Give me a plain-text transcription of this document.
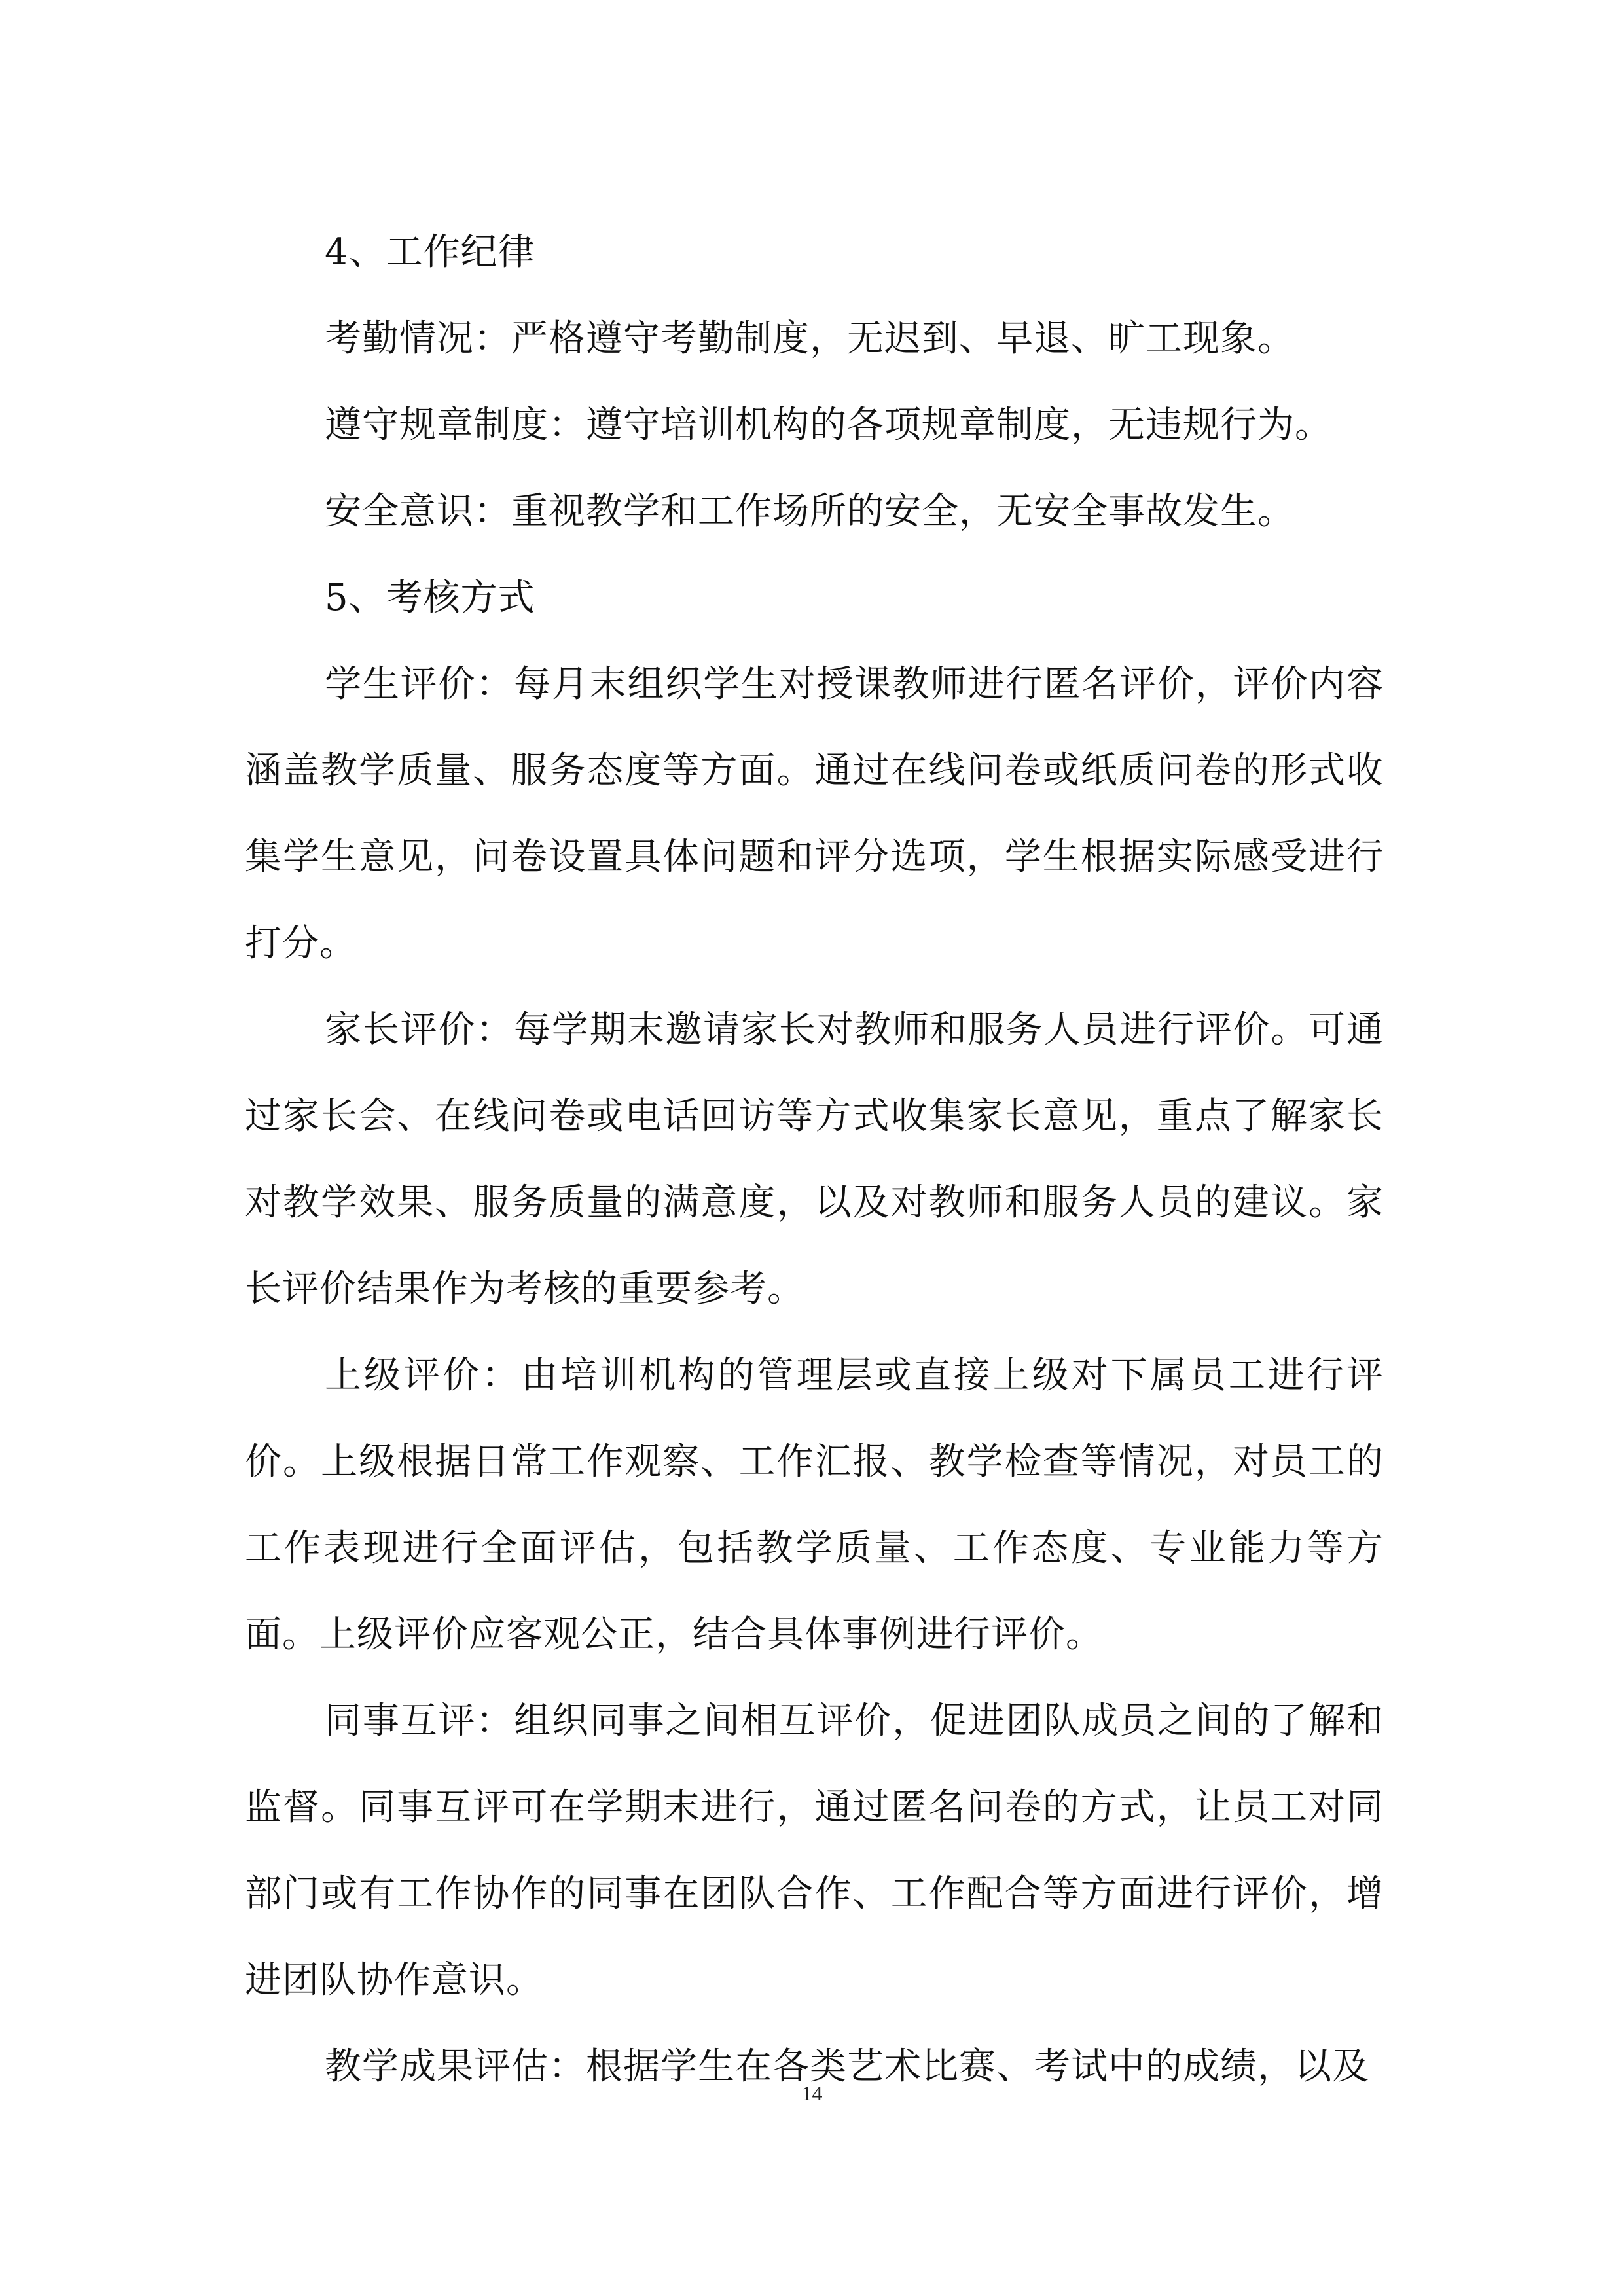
4、工作纪律

考勤情况：严格遵守考勤制度，无迟到、早退、旷工现象。

遵守规章制度：遵守培训机构的各项规章制度，无违规行为。

安全意识：重视教学和工作场所的安全，无安全事故发生。

5、考核方式

学生评价：每月末组织学生对授课教师进行匿名评价，评价内容涵盖教学质量、服务态度等方面。通过在线问卷或纸质问卷的形式收集学生意见，问卷设置具体问题和评分选项，学生根据实际感受进行打分。

家长评价：每学期末邀请家长对教师和服务人员进行评价。可通过家长会、在线问卷或电话回访等方式收集家长意见，重点了解家长对教学效果、服务质量的满意度，以及对教师和服务人员的建议。家长评价结果作为考核的重要参考。

上级评价：由培训机构的管理层或直接上级对下属员工进行评价。上级根据日常工作观察、工作汇报、教学检查等情况，对员工的工作表现进行全面评估，包括教学质量、工作态度、专业能力等方面。上级评价应客观公正，结合具体事例进行评价。

同事互评：组织同事之间相互评价，促进团队成员之间的了解和监督。同事互评可在学期末进行，通过匿名问卷的方式，让员工对同部门或有工作协作的同事在团队合作、工作配合等方面进行评价，增进团队协作意识。

教学成果评估：根据学生在各类艺术比赛、考试中的成绩，以及

14
